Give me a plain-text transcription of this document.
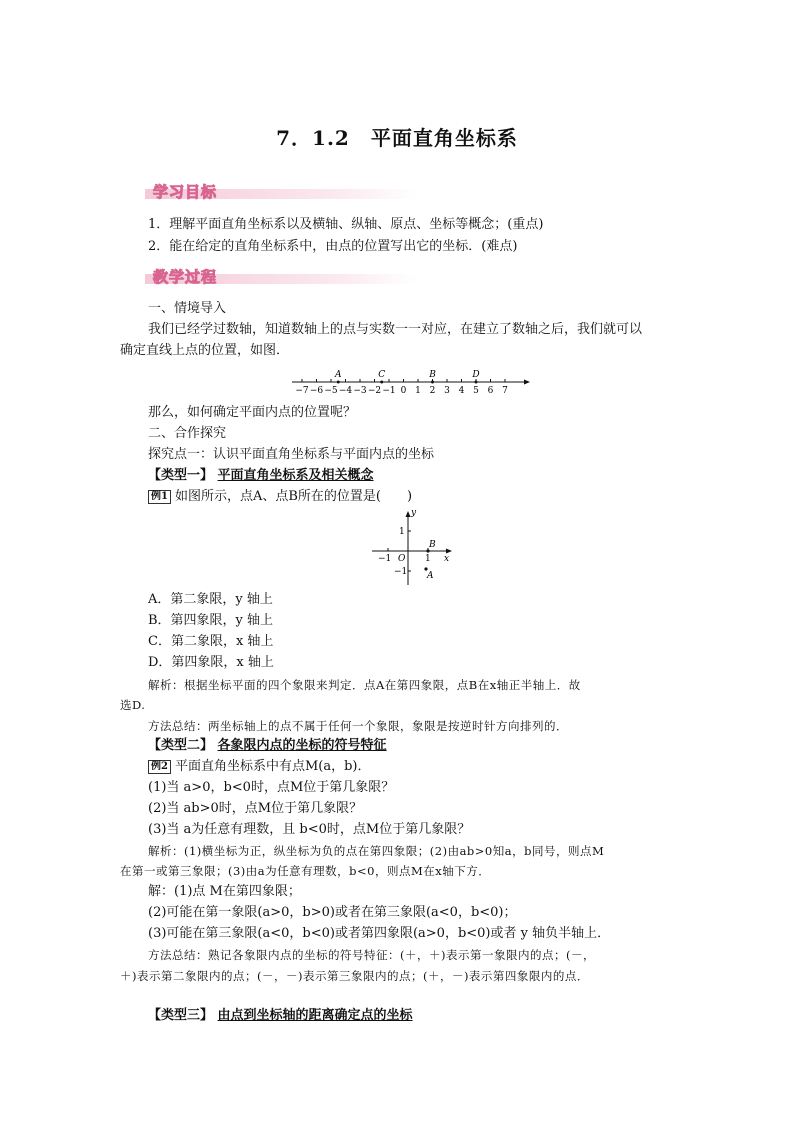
7．1.2　平面直角坐标系
学习目标
1．理解平面直角坐标系以及横轴、纵轴、原点、坐标等概念；(重点)
2．能在给定的直角坐标系中，由点的位置写出它的坐标．(难点)
教学过程
一、情境导入
我们已经学过数轴，知道数轴上的点与实数一一对应，在建立了数轴之后，我们就可以
确定直线上点的位置，如图．
−7 −6 −5 −4 −3 −2 −1 0 1 2 3 4 5 6 7
A	C	B	D
那么，如何确定平面内点的位置呢？
二、合作探究
探究点一：认识平面直角坐标系与平面内点的坐标
【类型一】 平面直角坐标系及相关概念
例1 如图所示，点A、点B所在的位置是(　　)
y
x
1
−1
−1 O 1
B
A
A．第二象限，y 轴上
B．第四象限，y 轴上
C．第二象限，x 轴上
D．第四象限，x 轴上
解析：根据坐标平面的四个象限来判定．点A在第四象限，点B在x轴正半轴上．故
选D.
方法总结：两坐标轴上的点不属于任何一个象限，象限是按逆时针方向排列的．
【类型二】 各象限内点的坐标的符号特征
例2 平面直角坐标系中有点M(a，b)．
(1)当 a>0，b<0时，点M位于第几象限？
(2)当 ab>0时，点M位于第几象限？
(3)当 a为任意有理数，且 b<0时，点M位于第几象限？
解析：(1)横坐标为正，纵坐标为负的点在第四象限；(2)由ab>0知a，b同号，则点M
在第一或第三象限；(3)由a为任意有理数，b<0，则点M在x轴下方．
解：(1)点 M在第四象限；
(2)可能在第一象限(a>0，b>0)或者在第三象限(a<0，b<0)；
(3)可能在第三象限(a<0，b<0)或者第四象限(a>0，b<0)或者 y 轴负半轴上．
方法总结：熟记各象限内点的坐标的符号特征：(＋，＋)表示第一象限内的点；(－，
＋)表示第二象限内的点；(－，－)表示第三象限内的点；(＋，－)表示第四象限内的点．
【类型三】 由点到坐标轴的距离确定点的坐标
